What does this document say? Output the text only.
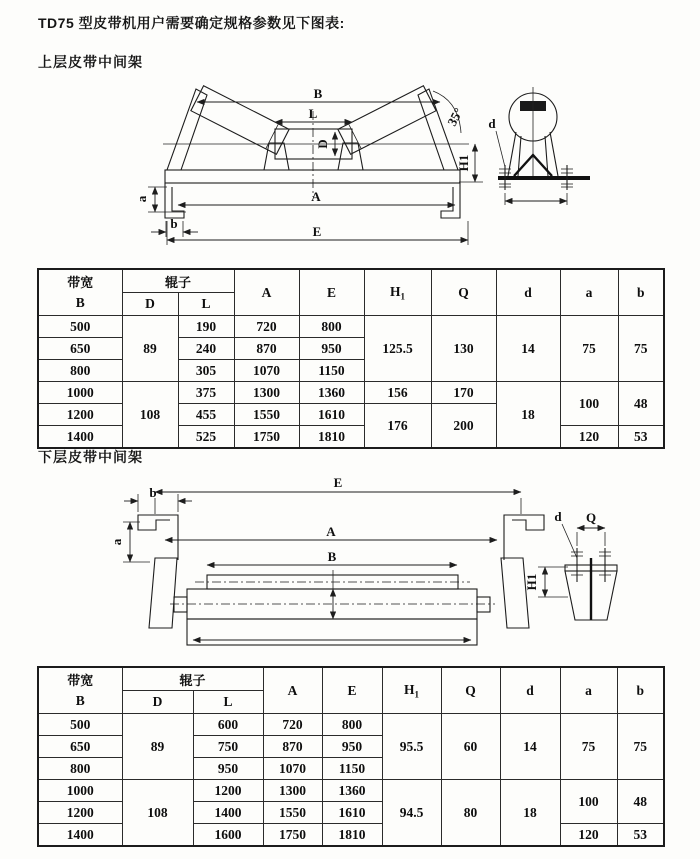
TD75 型皮带机用户需要确定规格参数见下图表:
上层皮带中间架
下层皮带中间架
B
L
D
A
E
a
b
35°
H1
d
E
A
B
b
a
d Q
H1
带宽
B	辊子		A	E	$H_1$	Q	d	a	b
	D	L							
500	89	190	720	800	125.5	130	14	75	75
650		240	870	950					
800		305	1070	1150					
1000	108	375	1300	1360	156	170	18	100	48
1200		455	1550	1610	176	200			
1400		525	1750	1810				120	53
带宽
B	辊子		A	E	$H_1$	Q	d	a	b
	D	L							
500	89	600	720	800	95.5	60	14	75	75
650		750	870	950					
800		950	1070	1150					
1000	108	1200	1300	1360	94.5	80	18	100	48
1200		1400	1550	1610					
1400		1600	1750	1810				120	53
